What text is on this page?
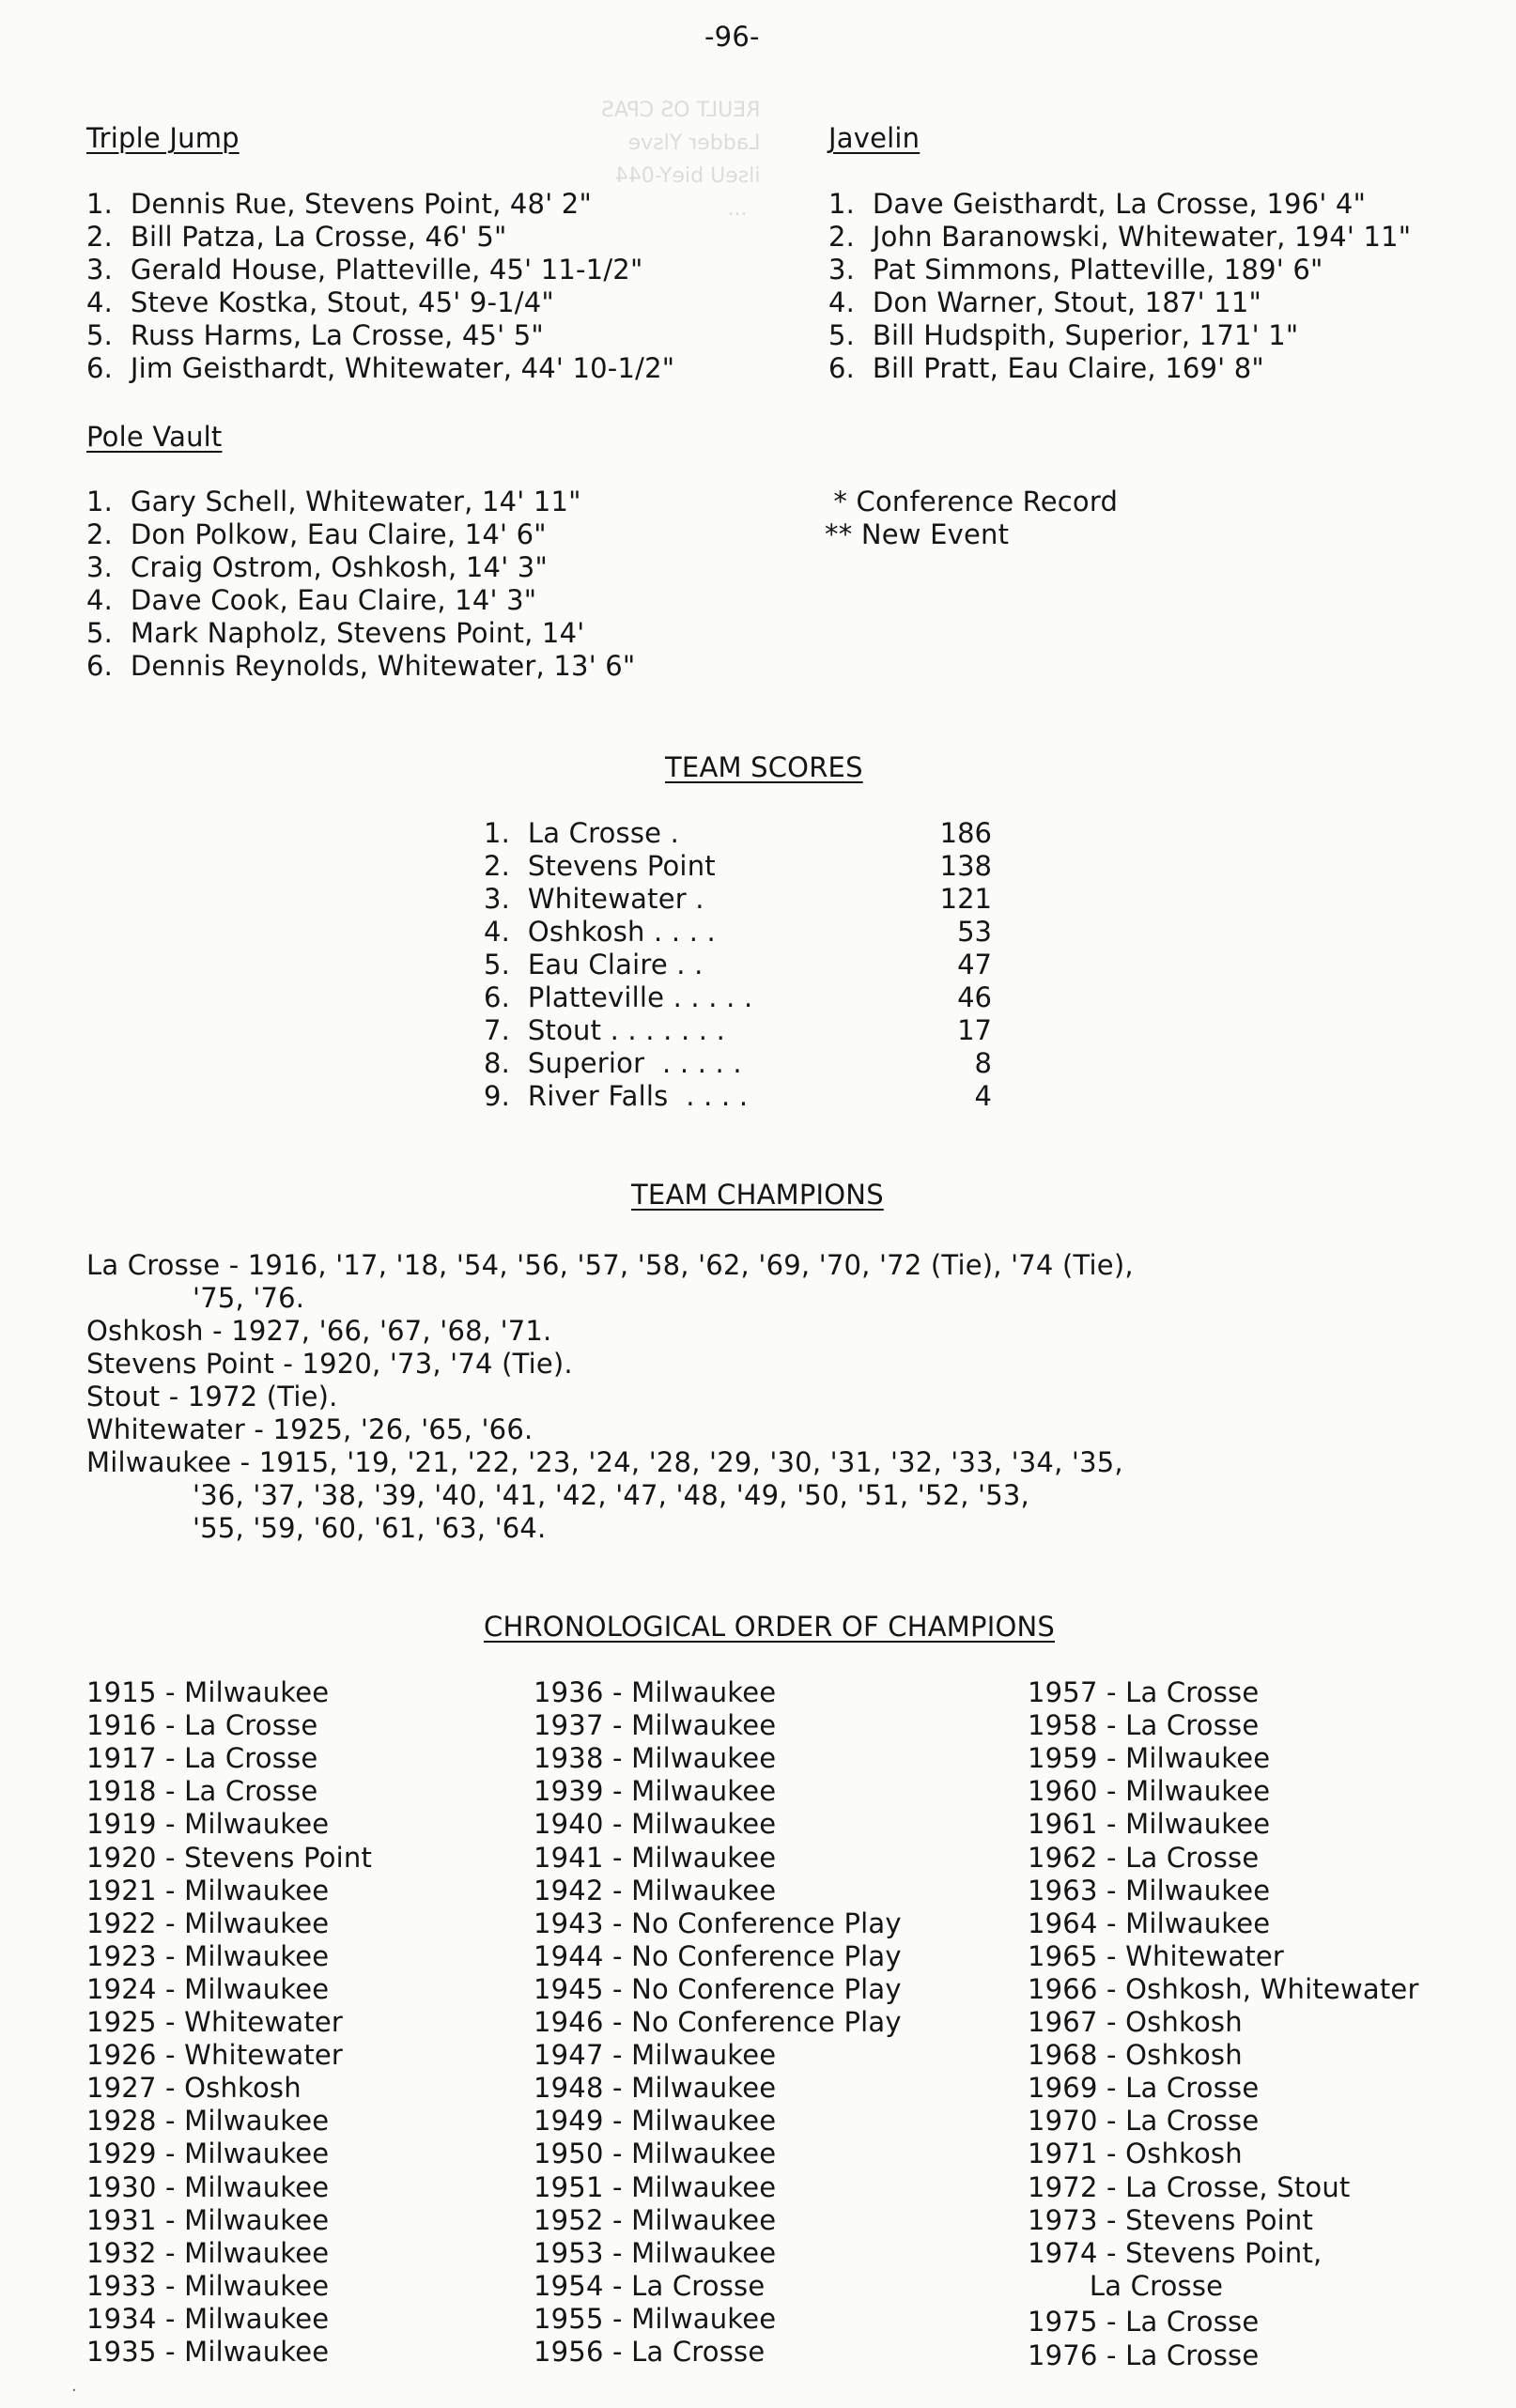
REULT OS CPAS
Ladder Ylsve
ilseU bieY-044
...
-96-
Triple Jump
1.  Dennis Rue, Stevens Point, 48' 2"
2.  Bill Patza, La Crosse, 46' 5"
3.  Gerald House, Platteville, 45' 11-1/2"
4.  Steve Kostka, Stout, 45' 9-1/4"
5.  Russ Harms, La Crosse, 45' 5"
6.  Jim Geisthardt, Whitewater, 44' 10-1/2"
Javelin
1.  Dave Geisthardt, La Crosse, 196' 4"
2.  John Baranowski, Whitewater, 194' 11"
3.  Pat Simmons, Platteville, 189' 6"
4.  Don Warner, Stout, 187' 11"
5.  Bill Hudspith, Superior, 171' 1"
6.  Bill Pratt, Eau Claire, 169' 8"
Pole Vault
1.  Gary Schell, Whitewater, 14' 11"
2.  Don Polkow, Eau Claire, 14' 6"
3.  Craig Ostrom, Oshkosh, 14' 3"
4.  Dave Cook, Eau Claire, 14' 3"
5.  Mark Napholz, Stevens Point, 14'
6.  Dennis Reynolds, Whitewater, 13' 6"
* Conference Record
** New Event
TEAM SCORES
1.  La Crosse .	186
2.  Stevens Point	138
3.  Whitewater .	121
4.  Oshkosh . . . .	53
5.  Eau Claire . .	47
6.  Platteville . . . . .	46
7.  Stout . . . . . . .	17
8.  Superior  . . . . .	8
9.  River Falls  . . . .	4
TEAM CHAMPIONS
La Crosse - 1916, '17, '18, '54, '56, '57, '58, '62, '69, '70, '72 (Tie), '74 (Tie),
'75, '76.
Oshkosh - 1927, '66, '67, '68, '71.
Stevens Point - 1920, '73, '74 (Tie).
Stout - 1972 (Tie).
Whitewater - 1925, '26, '65, '66.
Milwaukee - 1915, '19, '21, '22, '23, '24, '28, '29, '30, '31, '32, '33, '34, '35,
'36, '37, '38, '39, '40, '41, '42, '47, '48, '49, '50, '51, '52, '53,
'55, '59, '60, '61, '63, '64.
CHRONOLOGICAL ORDER OF CHAMPIONS
1915 - Milwaukee
1916 - La Crosse
1917 - La Crosse
1918 - La Crosse
1919 - Milwaukee
1920 - Stevens Point
1921 - Milwaukee
1922 - Milwaukee
1923 - Milwaukee
1924 - Milwaukee
1925 - Whitewater
1926 - Whitewater
1927 - Oshkosh
1928 - Milwaukee
1929 - Milwaukee
1930 - Milwaukee
1931 - Milwaukee
1932 - Milwaukee
1933 - Milwaukee
1934 - Milwaukee
1935 - Milwaukee
1936 - Milwaukee
1937 - Milwaukee
1938 - Milwaukee
1939 - Milwaukee
1940 - Milwaukee
1941 - Milwaukee
1942 - Milwaukee
1943 - No Conference Play
1944 - No Conference Play
1945 - No Conference Play
1946 - No Conference Play
1947 - Milwaukee
1948 - Milwaukee
1949 - Milwaukee
1950 - Milwaukee
1951 - Milwaukee
1952 - Milwaukee
1953 - Milwaukee
1954 - La Crosse
1955 - Milwaukee
1956 - La Crosse
1957 - La Crosse
1958 - La Crosse
1959 - Milwaukee
1960 - Milwaukee
1961 - Milwaukee
1962 - La Crosse
1963 - Milwaukee
1964 - Milwaukee
1965 - Whitewater
1966 - Oshkosh, Whitewater
1967 - Oshkosh
1968 - Oshkosh
1969 - La Crosse
1970 - La Crosse
1971 - Oshkosh
1972 - La Crosse, Stout
1973 - Stevens Point
1974 - Stevens Point,
La Crosse
1975 - La Crosse
1976 - La Crosse
·
